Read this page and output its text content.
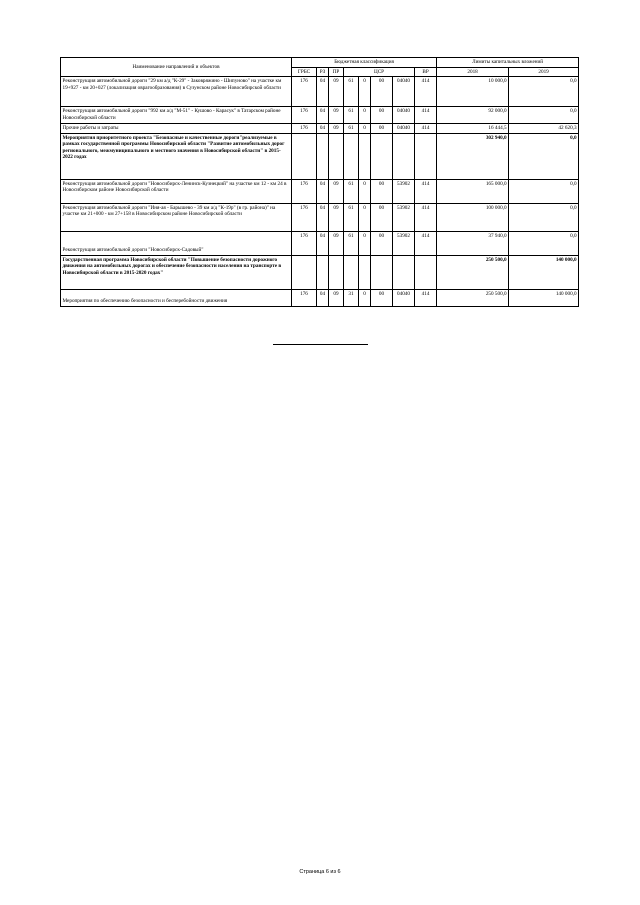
Наименование направлений и объектов	Бюджетная классификация								Лимиты капитальных вложений	
	ГРБС	РЗ	ПР	ЦСР				ВР	2018	2019
Реконструкция автомобильной дороги "29 км а/д "К-29" - Заковряжино - Шипуново" на участке км 19+927 - км 20+027 (локализация оврагообразования) в Сузунском районе Новосибирской области	176	04	09	61	0	00	04040	414	10 000,0	0,0
Реконструкция автомобильной дороги "992 км а/д "М-51" - Кушово - Карасук" в Татарском районе Новосибирской области	176	04	09	61	0	00	04040	414	92 000,0	0,0
Прочие работы и затраты	176	04	09	61	0	00	04040	414	16 444,5	42 620,3
Мероприятия приоритетного проекта "Безопасные и качественные дороги"реализуемые в рамках государственной программы Новосибирской области "Развитие автомобильных дорог регионального, межмуниципального и местного значения в Новосибирской области" в 2015-2022 годах									302 940,0	0,0
Реконструкция автомобильной дороги "Новосибирск-Ленинск-Кузнецкий" на участке км 12 - км 24 в Новосибирском районе Новосибирской области	176	04	09	61	0	00	53902	414	165 000,0	0,0
Реконструкция автомобильной дороги "Иня-ая - Барышево - 39 км а/д "К-19р" (в гр. района)" на участке км 21+000 - км 27+158 в Новосибирском районе Новосибирской области	176	04	09	61	0	00	53902	414	100 000,0	0,0
Реконструкция автомобильной дороги "Новосибирск-Садовый"	176	04	09	61	0	00	53902	414	37 940,0	0,0
Государственная программа Новосибирской области "Повышение безопасности дорожного движения на автомобильных дорогах и обеспечение безопасности населения на транспорте в Новосибирской области в 2015-2020 годах"									250 500,0	140 000,0
Мероприятия по обеспечению безопасности и бесперебойности движения	176	04	09	31	0	00	04040	414	250 500,0	140 000,0
Страница 6 из 6
